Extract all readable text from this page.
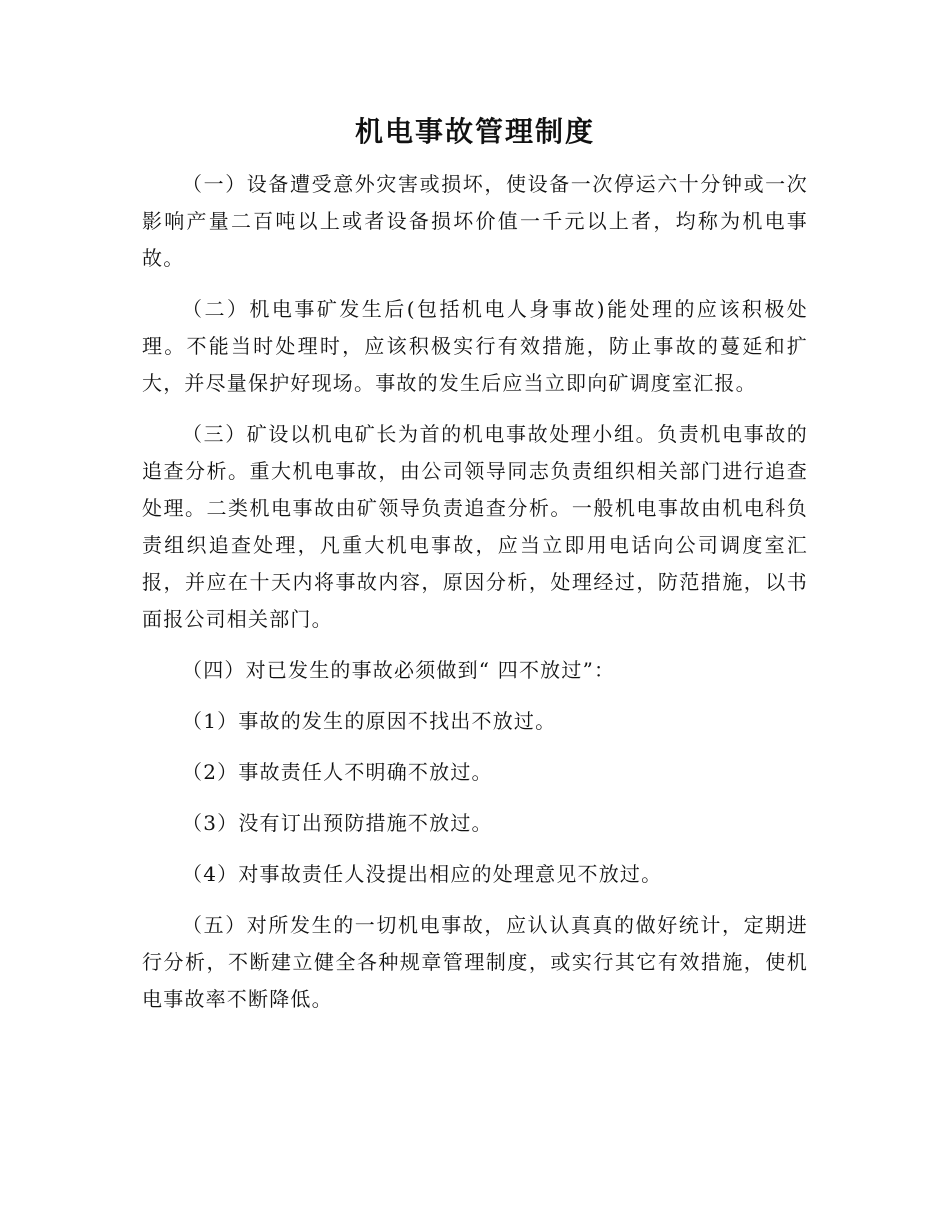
机电事故管理制度

（一）设备遭受意外灾害或损坏，使设备一次停运六十分钟或一次影响产量二百吨以上或者设备损坏价值一千元以上者，均称为机电事故。

（二）机电事矿发生后(包括机电人身事故)能处理的应该积极处理。不能当时处理时，应该积极实行有效措施，防止事故的蔓延和扩大，并尽量保护好现场。事故的发生后应当立即向矿调度室汇报。

（三）矿设以机电矿长为首的机电事故处理小组。负责机电事故的追查分析。重大机电事故，由公司领导同志负责组织相关部门进行追查处理。二类机电事故由矿领导负责追查分析。一般机电事故由机电科负责组织追查处理，凡重大机电事故，应当立即用电话向公司调度室汇报，并应在十天内将事故内容，原因分析，处理经过，防范措施，以书面报公司相关部门。

（四）对已发生的事故必须做到“ 四不放过”：

（1）事故的发生的原因不找出不放过。

（2）事故责任人不明确不放过。

（3）没有订出预防措施不放过。

（4）对事故责任人没提出相应的处理意见不放过。

（五）对所发生的一切机电事故，应认认真真的做好统计，定期进行分析，不断建立健全各种规章管理制度，或实行其它有效措施，使机电事故率不断降低。
